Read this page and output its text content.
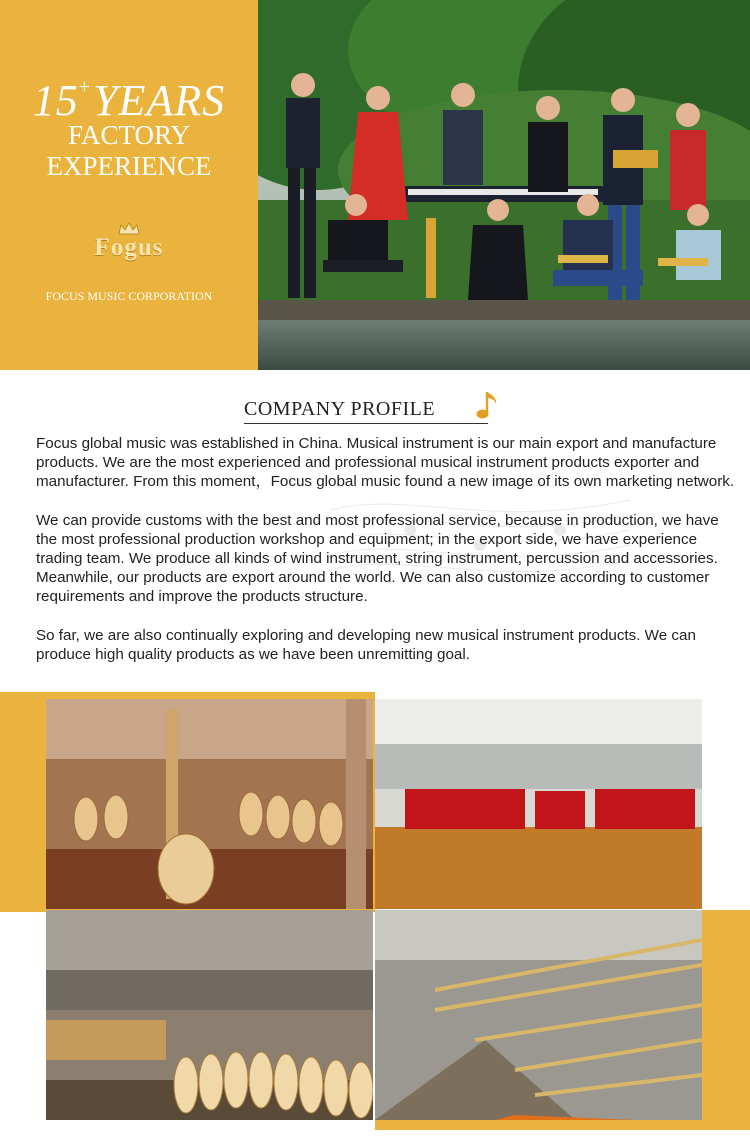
15+YEARS
FACTORY
EXPERIENCE
Fogus
FOCUS MUSIC CORPORATION
COMPANY PROFILE

Focus global music was established in China. Musical instrument is our main export and manufacture products. We are the most experienced and professional musical instrument products exporter and manufacturer. From this moment，Focus global music found a new image of its own marketing network.

We can provide customs with the best and most professional service, because in production, we have the most professional production workshop and equipment; in the export side, we have experience trading team. We produce all kinds of wind instrument, string instrument, percussion and accessories. Meanwhile, our products are export around the world. We can also customize according to customer requirements and improve the products structure.

So far, we are also continually exploring and developing new musical instrument products. We can produce high quality products as we have been unremitting goal.
